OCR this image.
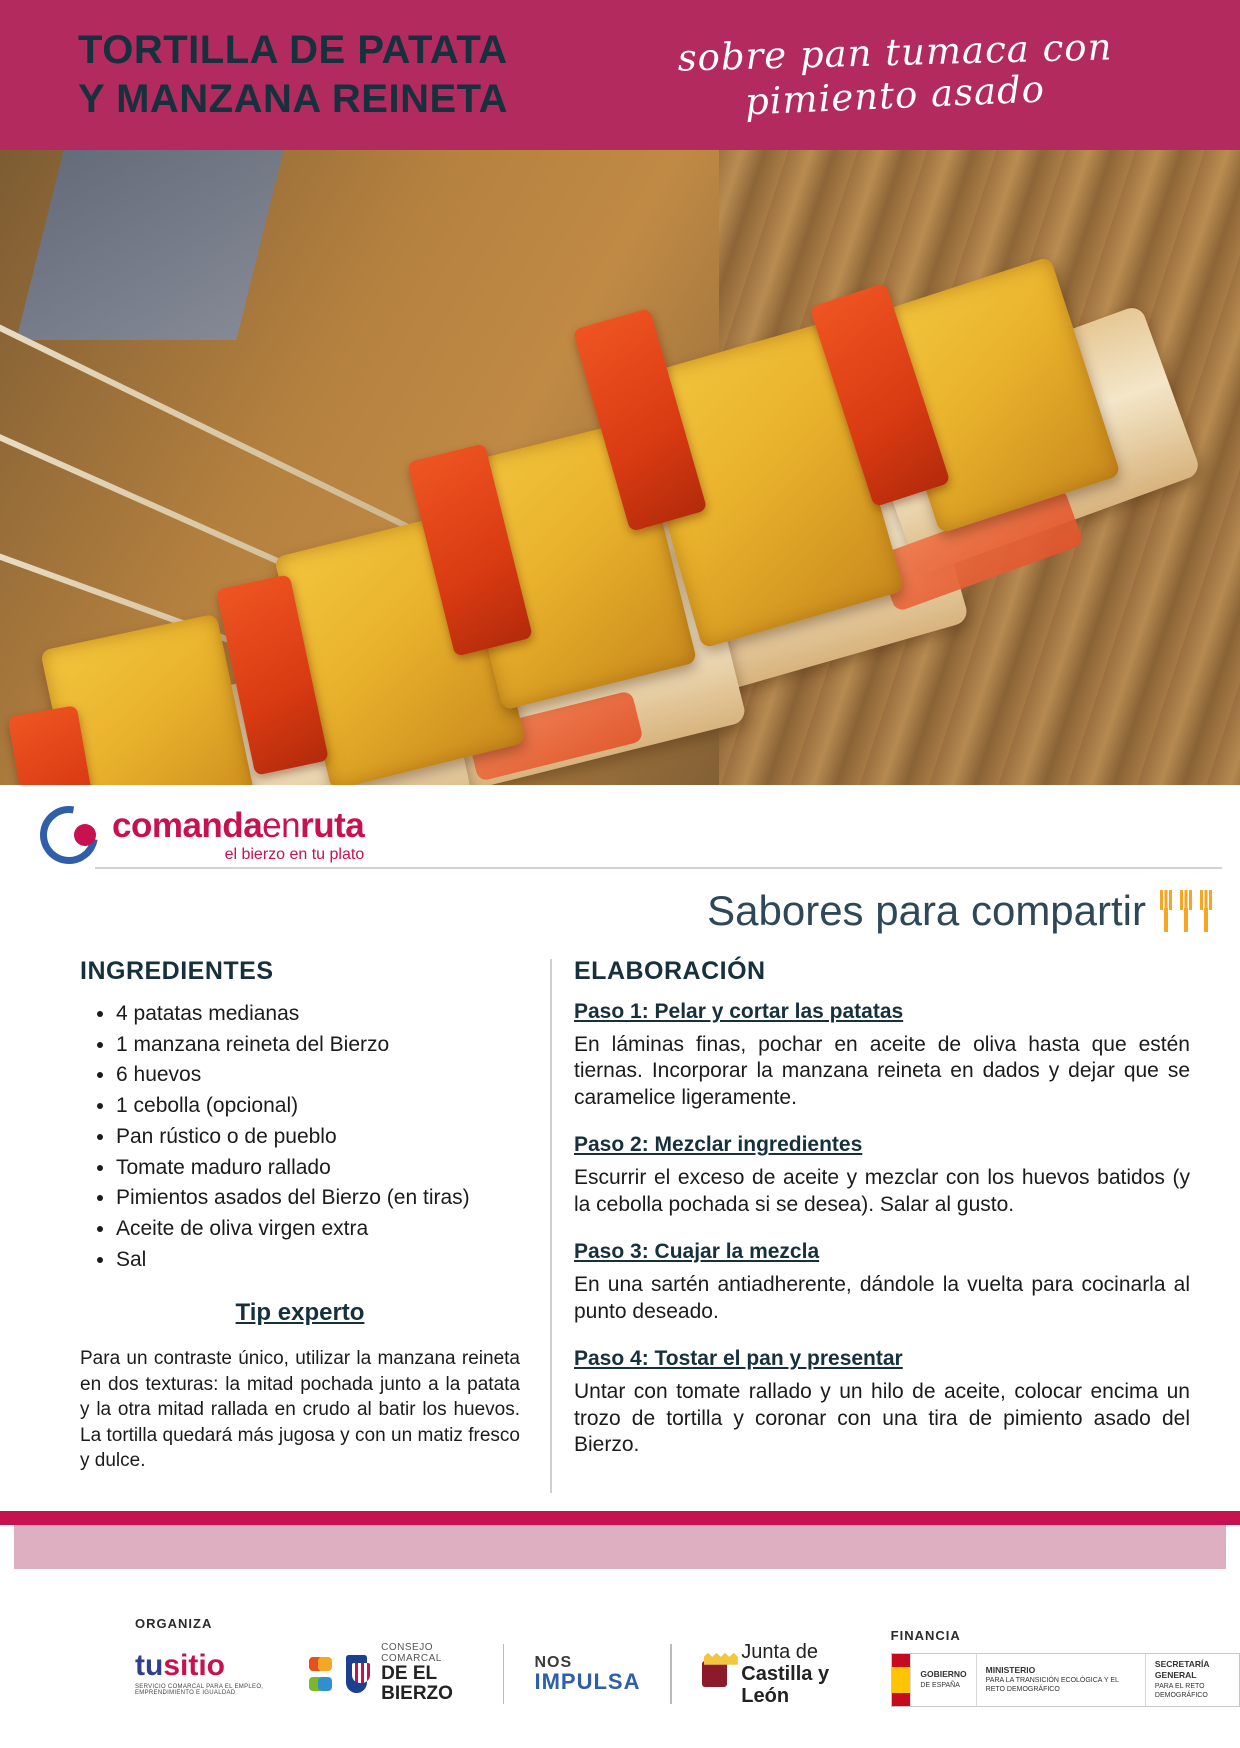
TORTILLA DE PATATA
Y MANZANA REINETA
sobre pan tumaca con
pimiento asado
comandaenruta
el bierzo en tu plato
Sabores para compartir
INGREDIENTES
• 4 patatas medianas
• 1 manzana reineta del Bierzo
• 6 huevos
• 1 cebolla (opcional)
• Pan rústico o de pueblo
• Tomate maduro rallado
• Pimientos asados del Bierzo (en tiras)
• Aceite de oliva virgen extra
• Sal
Tip experto

Para un contraste único, utilizar la manzana reineta en dos texturas: la mitad pochada junto a la patata y la otra mitad rallada en crudo al batir los huevos. La tortilla quedará más jugosa y con un matiz fresco y dulce.

ELABORACIÓN
Paso 1: Pelar y cortar las patatas

En láminas finas, pochar en aceite de oliva hasta que estén tiernas. Incorporar la manzana reineta en dados y dejar que se caramelice ligeramente.

Paso 2: Mezclar ingredientes

Escurrir el exceso de aceite y mezclar con los huevos batidos (y la cebolla pochada si se desea). Salar al gusto.

Paso 3: Cuajar la mezcla

En una sartén antiadherente, dándole la vuelta para cocinarla al punto deseado.

Paso 4: Tostar el pan y presentar

Untar con tomate rallado y un hilo de aceite, colocar encima un trozo de tortilla y coronar con una tira de pimiento asado del Bierzo.

ORGANIZA
tusitio
SERVICIO COMARCAL PARA EL EMPLEO, EMPRENDIMIENTO E IGUALDAD
CONSEJO COMARCAL
DE EL BIERZO
NOS
IMPULSA
Junta de
Castilla y León
FINANCIA
GOBIERNO
DE ESPAÑA
MINISTERIO
PARA LA TRANSICIÓN ECOLÓGICA Y EL RETO DEMOGRÁFICO
SECRETARÍA GENERAL
PARA EL RETO DEMOGRÁFICO
